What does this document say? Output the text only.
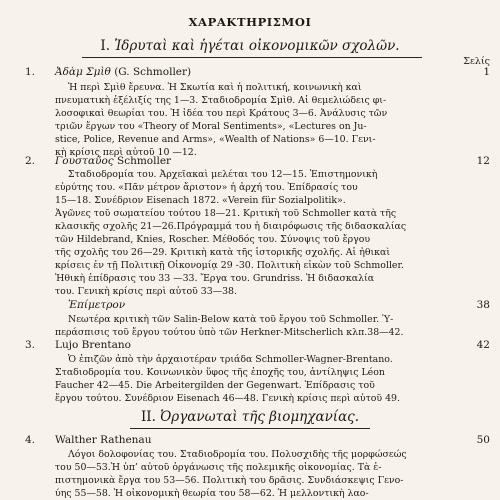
ΧΑΡΑΚΤΗΡΙΣΜΟΙ
I. Ἱδρυταὶ καὶ ἡγέται οἰκονομικῶν σχολῶν.
Σελίς
1. Ἀδὰμ Σμὶθ (G. Schmoller)	1
Ἡ περὶ Σμὶθ ἔρευνα. Ἡ Σκωτία καὶ ἡ πολιτική, κοινωνικὴ καὶ
πνευματικὴ ἐξέλιξίς της 1—3. Σταδιοδρομία Σμὶθ. Αἱ θεμελιώδεις φι-
λοσοφικαὶ θεωρίαι του. Ἡ ἰδέα του περὶ Κράτους 3—6. Ἀνάλυσις τῶν
τριῶν ἔργων του «Theory of Moral Sentiments», «Lectures on Ju-
stice, Police, Revenue and Arms», «Wealth of Nations» 6—10. Γενι-
κὴ κρίσις περὶ αὐτοῦ 10 —12.
2. Γουσταῦος Schmoller	12
Σταδιοδρομία του. Ἀρχεῖακαὶ μελέται του 12—15. Ἐπιστημονικὴ
εὐρύτης του. «Πᾶν μέτρον ἄριστον» ἡ ἀρχή του. Ἐπίδρασίς του
15—18. Συνέδριον Eisenach 1872. «Verein für Sozialpolitik».
Ἀγῶνες τοῦ σωματείου τούτου 18—21. Κριτικὴ τοῦ Schmoller κατὰ τῆς
κλασικῆς σχολῆς 21—26.Πρόγραμμά του ἡ διαιρόφωσις τῆς διδασκαλίας
τῶν Hildebrand, Knies, Roscher. Μέθοδός του. Σύνοψις τοῦ ἔργου
τῆς σχολῆς του 26—29. Κριτικὴ κατὰ τῆς ἱστορικῆς σχολῆς. Αἱ ἠθικαὶ
κρίσεις ἐν τῇ Πολιτικῇ Οἰκονομίᾳ 29 -30. Πολιτικὴ εἰκὼν τοῦ Schmoller.
Ἠθικὴ ἐπίδρασις του 33 —33. Ἔργα του. Grundriss. Ἡ διδασκαλία
του. Γενικὴ κρίσις περὶ αὐτοῦ 33—38.
Ἐπίμετρον	38
Νεωτέρα κριτικὴ τῶν Salin-Below κατὰ τοῦ ἔργου τοῦ Schmoller. Ὑ-
περάσπισις τοῦ ἔργου τούτου ὑπὸ τῶν Herkner-Mitscherlich κλπ.38—42.
3. Lujo Brentano	42
Ὁ ἐπιζῶν ἀπὸ τὴν ἀρχαιοτέραν τριάδα Schmoller-Wagner-Brentano.
Σταδιοδρομία του. Κοινωνικὸν ὕφος τῆς ἐποχῆς του, ἀντίληψις Léon
Faucher 42—45. Die Arbeitergilden der Gegenwart. Ἐπίδρασις τοῦ
ἔργου τούτου. Συνέδριον Eisenach 46—48. Γενικὴ κρίσις περὶ αὐτοῦ 49.
II. Ὀργανωταὶ τῆς βιομηχανίας.
4. Walther Rathenau	50
Λόγοι δολοφονίας του. Σταδιοδρομία του. Πολυσχιδὴς τῆς μορφώσεώς
του 50—53.Ἡ ὑπ’ αὐτοῦ ὀργάνωσις τῆς πολεμικῆς οἰκονομίας. Τὰ ἐ-
πιστημονικὰ ἔργα του 53—56. Πολιτικὴ του δρᾶσις. Συνδιάσκεψις Γενο-
ύης 55—58. Ἡ οἰκονομικὴ θεωρία του 58—62. Ἡ μελλοντικὴ λαο-
